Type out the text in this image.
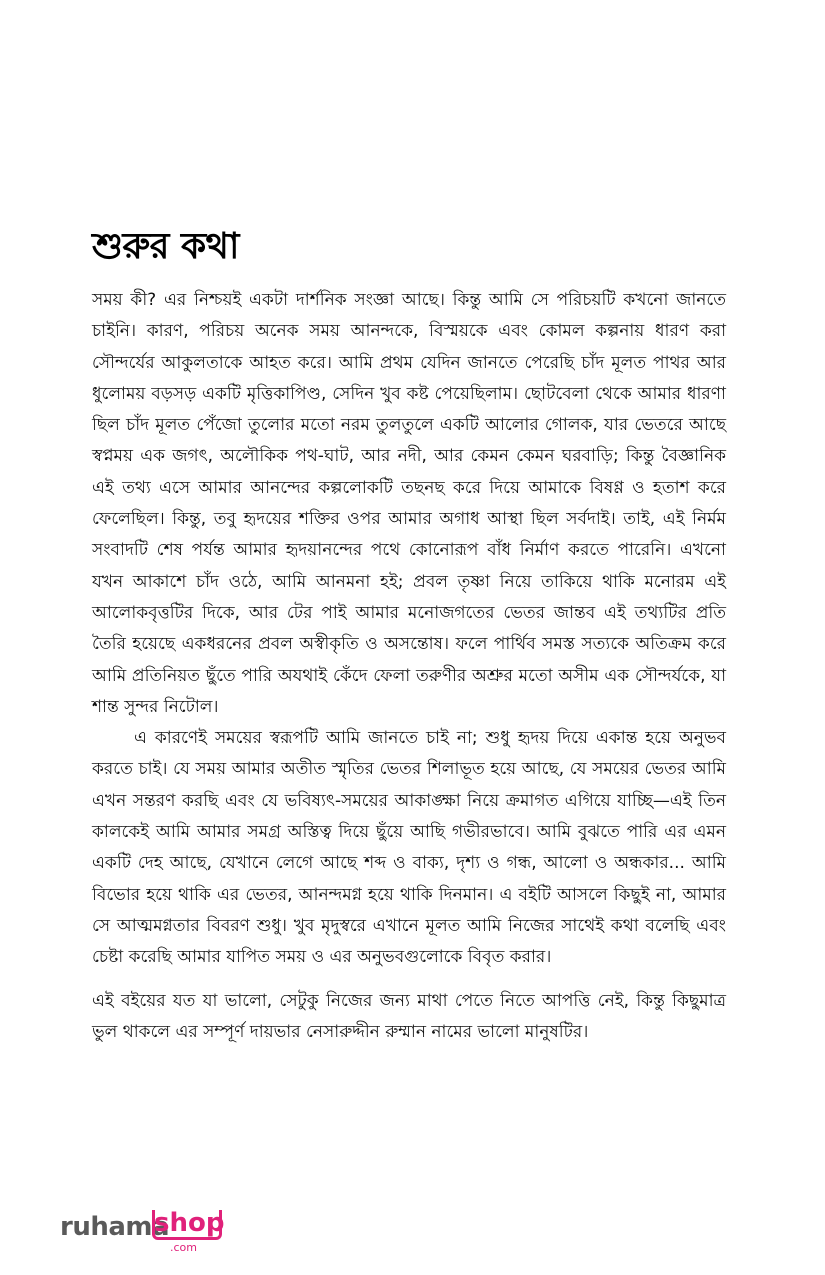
শুরুর কথা

সময় কী? এর নিশ্চয়ই একটা দার্শনিক সংজ্ঞা আছে। কিন্তু আমি সে পরিচয়টি কখনো জানতে চাইনি। কারণ, পরিচয় অনেক সময় আনন্দকে, বিস্ময়কে এবং কোমল কল্পনায় ধারণ করা সৌন্দর্যের আকুলতাকে আহত করে। আমি প্রথম যেদিন জানতে পেরেছি চাঁদ মূলত পাথর আর ধুলোময় বড়সড় একটি মৃত্তিকাপিণ্ড, সেদিন খুব কষ্ট পেয়েছিলাম। ছোটবেলা থেকে আমার ধারণা ছিল চাঁদ মূলত পেঁজো তুলোর মতো নরম তুলতুলে একটি আলোর গোলক, যার ভেতরে আছে স্বপ্নময় এক জগৎ, অলৌকিক পথ-ঘাট, আর নদী, আর কেমন কেমন ঘরবাড়ি; কিন্তু বৈজ্ঞানিক এই তথ্য এসে আমার আনন্দের কল্পলোকটি তছনছ করে দিয়ে আমাকে বিষণ্ণ ও হতাশ করে ফেলেছিল। কিন্তু, তবু হৃদয়ের শক্তির ওপর আমার অগাধ আস্থা ছিল সর্বদাই। তাই, এই নির্মম সংবাদটি শেষ পর্যন্ত আমার হৃদয়ানন্দের পথে কোনোরূপ বাঁধ নির্মাণ করতে পারেনি। এখনো যখন আকাশে চাঁদ ওঠে, আমি আনমনা হই; প্রবল তৃষ্ণা নিয়ে তাকিয়ে থাকি মনোরম এই আলোকবৃত্তটির দিকে, আর টের পাই আমার মনোজগতের ভেতর জান্তব এই তথ্যটির প্রতি তৈরি হয়েছে একধরনের প্রবল অস্বীকৃতি ও অসন্তোষ। ফলে পার্থিব সমস্ত সত্যকে অতিক্রম করে আমি প্রতিনিয়ত ছুঁতে পারি অযথাই কেঁদে ফেলা তরুণীর অশ্রুর মতো অসীম এক সৌন্দর্যকে, যা শান্ত সুন্দর নিটোল।

এ কারণেই সময়ের স্বরূপটি আমি জানতে চাই না; শুধু হৃদয় দিয়ে একান্ত হয়ে অনুভব করতে চাই। যে সময় আমার অতীত স্মৃতির ভেতর শিলাভূত হয়ে আছে, যে সময়ের ভেতর আমি এখন সন্তরণ করছি এবং যে ভবিষ্যৎ-সময়ের আকাঙ্ক্ষা নিয়ে ক্রমাগত এগিয়ে যাচ্ছি—এই তিন কালকেই আমি আমার সমগ্র অস্তিত্ব দিয়ে ছুঁয়ে আছি গভীরভাবে। আমি বুঝতে পারি এর এমন একটি দেহ আছে, যেখানে লেগে আছে শব্দ ও বাক্য, দৃশ্য ও গন্ধ, আলো ও অন্ধকার... আমি বিভোর হয়ে থাকি এর ভেতর, আনন্দমগ্ন হয়ে থাকি দিনমান। এ বইটি আসলে কিছুই না, আমার সে আত্মমগ্নতার বিবরণ শুধু। খুব মৃদুস্বরে এখানে মূলত আমি নিজের সাথেই কথা বলেছি এবং চেষ্টা করেছি আমার যাপিত সময় ও এর অনুভবগুলোকে বিবৃত করার।

এই বইয়ের যত যা ভালো, সেটুকু নিজের জন্য মাথা পেতে নিতে আপত্তি নেই, কিন্তু কিছুমাত্র ভুল থাকলে এর সম্পূর্ণ দায়ভার নেসারুদ্দীন রুম্মান নামের ভালো মানুষটির।

ruhama
shop
.com
